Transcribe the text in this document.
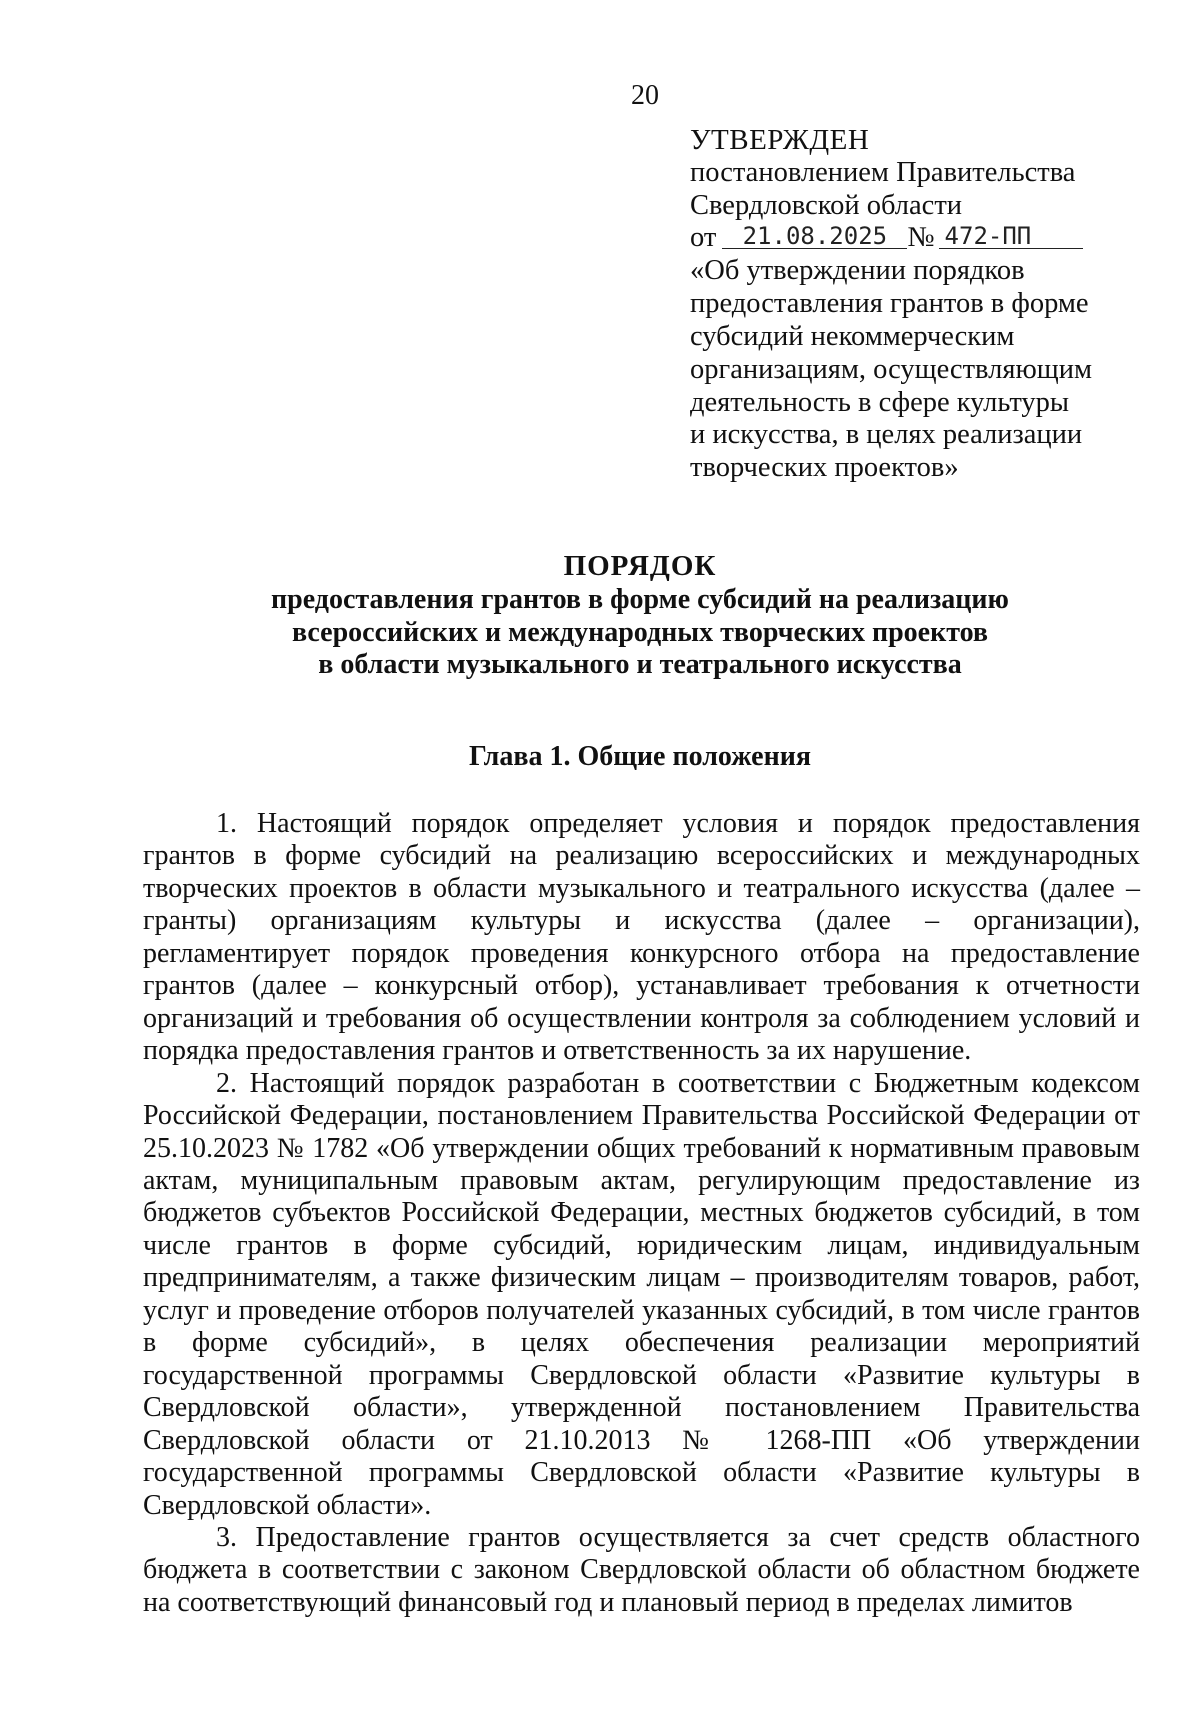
20
УТВЕРЖДЕН
постановлением Правительства
Свердловской области
от 21.08.2025 № 472-ПП
«Об утверждении порядков
предоставления грантов в форме
субсидий некоммерческим
организациям, осуществляющим
деятельность в сфере культуры
и искусства, в целях реализации
творческих проектов»
ПОРЯДОК
предоставления грантов в форме субсидий на реализацию
всероссийских и международных творческих проектов
в области музыкального и театрального искусства
Глава 1. Общие положения

1. Настоящий порядок определяет условия и порядок предоставления грантов в форме субсидий на реализацию всероссийских и международных творческих проектов в области музыкального и театрального искусства (далее – гранты) организациям культуры и искусства (далее – организации), регламентирует порядок проведения конкурсного отбора на предоставление грантов (далее – конкурсный отбор), устанавливает требования к отчетности организаций и требования об осуществлении контроля за соблюдением условий и порядка предоставления грантов и ответственность за их нарушение.

2. Настоящий порядок разработан в соответствии с Бюджетным кодексом Российской Федерации, постановлением Правительства Российской Федерации от 25.10.2023 № 1782 «Об утверждении общих требований к нормативным правовым актам, муниципальным правовым актам, регулирующим предоставление из бюджетов субъектов Российской Федерации, местных бюджетов субсидий, в том числе грантов в форме субсидий, юридическим лицам, индивидуальным предпринимателям, а также физическим лицам – производителям товаров, работ, услуг и проведение отборов получателей указанных субсидий, в том числе грантов в форме субсидий», в целях обеспечения реализации мероприятий государственной программы Свердловской области «Развитие культуры в Свердловской области», утвержденной постановлением Правительства Свердловской области от 21.10.2013 № 1268-ПП «Об утверждении государственной программы Свердловской области «Развитие культуры в Свердловской области».

3. Предоставление грантов осуществляется за счет средств областного бюджета в соответствии с законом Свердловской области об областном бюджете на соответствующий финансовый год и плановый период в пределах лимитов
